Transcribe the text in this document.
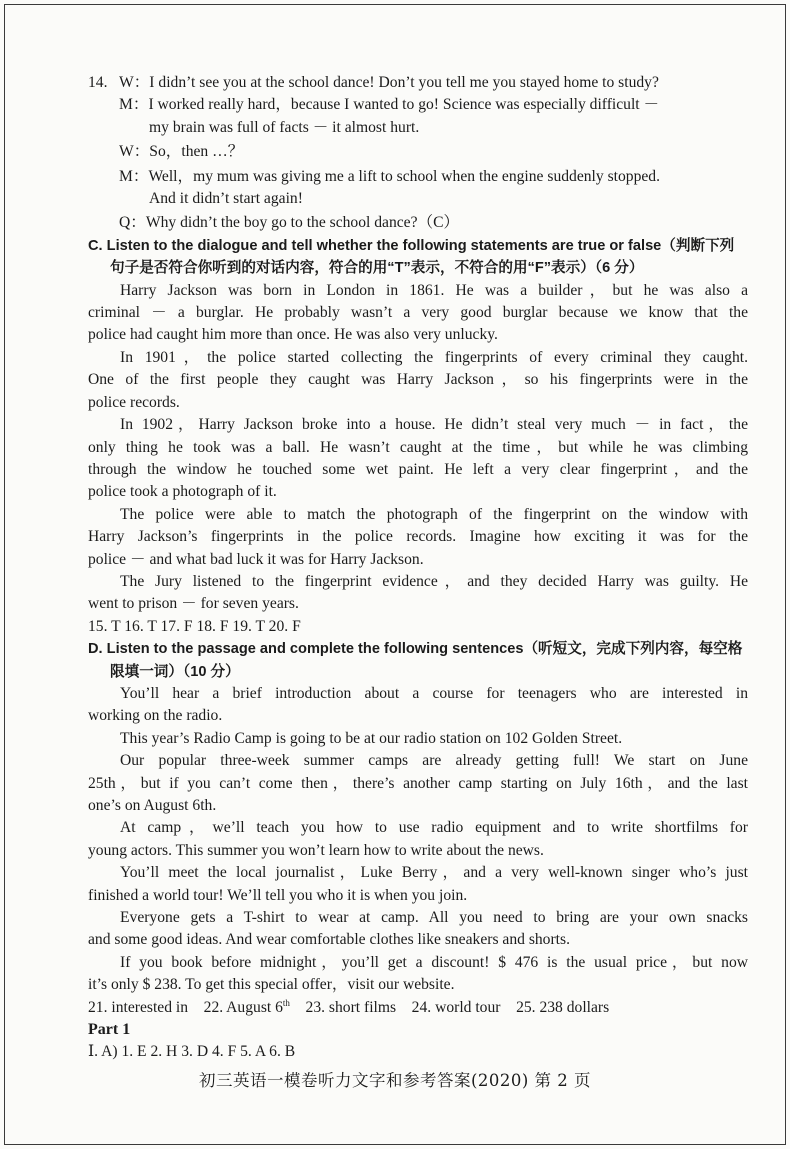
14. W：I didn’t see you at the school dance! Don’t you tell me you stayed home to study?
M：I worked really hard，because I wanted to go! Science was especially difficult －
my brain was full of facts － it almost hurt.
W：So，then …？
M：Well，my mum was giving me a lift to school when the engine suddenly stopped.
And it didn’t start again!
Q：Why didn’t the boy go to the school dance?（C）
C. Listen to the dialogue and tell whether the following statements are true or false（判断下列
句子是否符合你听到的对话内容，符合的用“T”表示，不符合的用“F”表示）（6 分）
Harry Jackson was born in London in 1861. He was a builder，but he was also a
criminal － a burglar. He probably wasn’t a very good burglar because we know that the
police had caught him more than once. He was also very unlucky.
In 1901，the police started collecting the fingerprints of every criminal they caught.
One of the first people they caught was Harry Jackson，so his fingerprints were in the
police records.
In 1902，Harry Jackson broke into a house. He didn’t steal very much － in fact，the
only thing he took was a ball. He wasn’t caught at the time，but while he was climbing
through the window he touched some wet paint. He left a very clear fingerprint，and the
police took a photograph of it.
The police were able to match the photograph of the fingerprint on the window with
Harry Jackson’s fingerprints in the police records. Imagine how exciting it was for the
police － and what bad luck it was for Harry Jackson.
The Jury listened to the fingerprint evidence，and they decided Harry was guilty. He
went to prison － for seven years.
15. T 16. T 17. F 18. F 19. T 20. F
D. Listen to the passage and complete the following sentences（听短文，完成下列内容，每空格
限填一词）（10 分）
You’ll hear a brief introduction about a course for teenagers who are interested in
working on the radio.
This year’s Radio Camp is going to be at our radio station on 102 Golden Street.
Our popular three-week summer camps are already getting full! We start on June
25th，but if you can’t come then，there’s another camp starting on July 16th，and the last
one’s on August 6th.
At camp，we’ll teach you how to use radio equipment and to write shortfilms for
young actors. This summer you won’t learn how to write about the news.
You’ll meet the local journalist，Luke Berry，and a very well-known singer who’s just
finished a world tour! We’ll tell you who it is when you join.
Everyone gets a T-shirt to wear at camp. All you need to bring are your own snacks
and some good ideas. And wear comfortable clothes like sneakers and shorts.
If you book before midnight，you’ll get a discount! $ 476 is the usual price，but now
it’s only $ 238. To get this special offer，visit our website.
21. interested in 22. August 6th 23. short films 24. world tour 25. 238 dollars
Part 1
Ⅰ. A) 1. E 2. H 3. D 4. F 5. A 6. B
初三英语一模卷听力文字和参考答案(2020) 第 2 页
